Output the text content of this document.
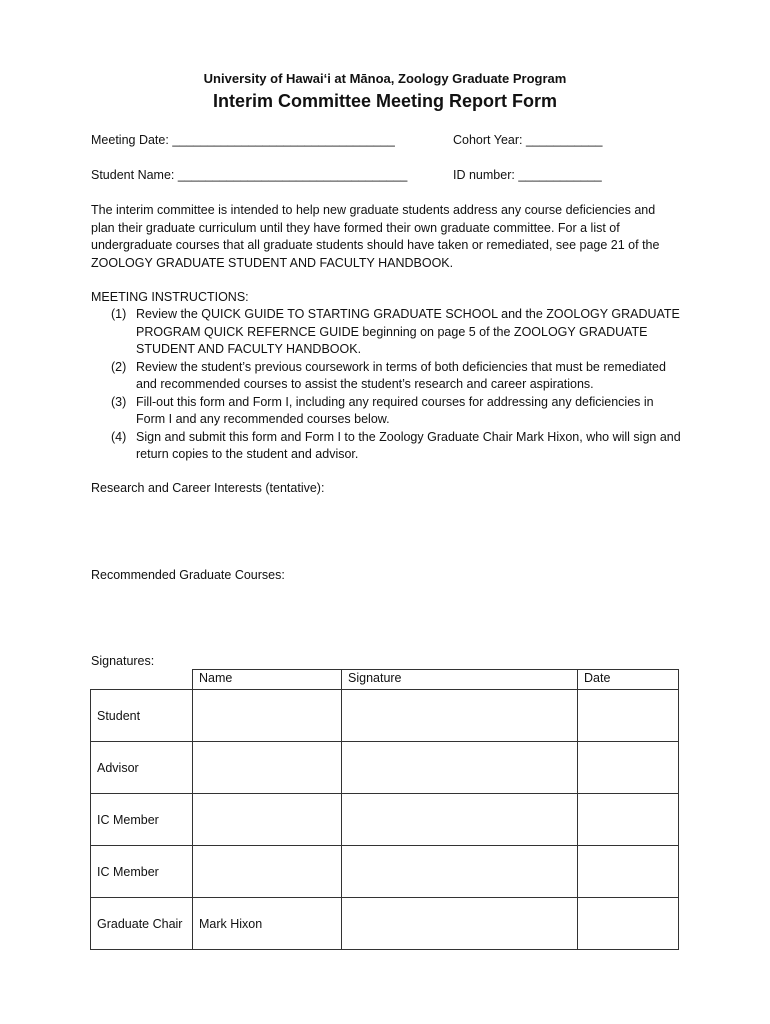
University of Hawai‘i at Mānoa, Zoology Graduate Program
Interim Committee Meeting Report Form
Meeting Date: ________________________________	Cohort Year: ___________
Student Name: _________________________________	ID number: ____________
The interim committee is intended to help new graduate students address any course deficiencies and plan their graduate curriculum until they have formed their own graduate committee. For a list of undergraduate courses that all graduate students should have taken or remediated, see page 21 of the ZOOLOGY GRADUATE STUDENT AND FACULTY HANDBOOK.
MEETING INSTRUCTIONS:
(1) Review the QUICK GUIDE TO STARTING GRADUATE SCHOOL and the ZOOLOGY GRADUATE PROGRAM QUICK REFERNCE GUIDE beginning on page 5 of the ZOOLOGY GRADUATE STUDENT AND FACULTY HANDBOOK.
(2) Review the student’s previous coursework in terms of both deficiencies that must be remediated and recommended courses to assist the student’s research and career aspirations.
(3) Fill-out this form and Form I, including any required courses for addressing any deficiencies in Form I and any recommended courses below.
(4) Sign and submit this form and Form I to the Zoology Graduate Chair Mark Hixon, who will sign and return copies to the student and advisor.
Research and Career Interests (tentative):
Recommended Graduate Courses:
Signatures:
	Name	Signature	Date
Student			
Advisor			
IC Member			
IC Member			
Graduate Chair	Mark Hixon		
